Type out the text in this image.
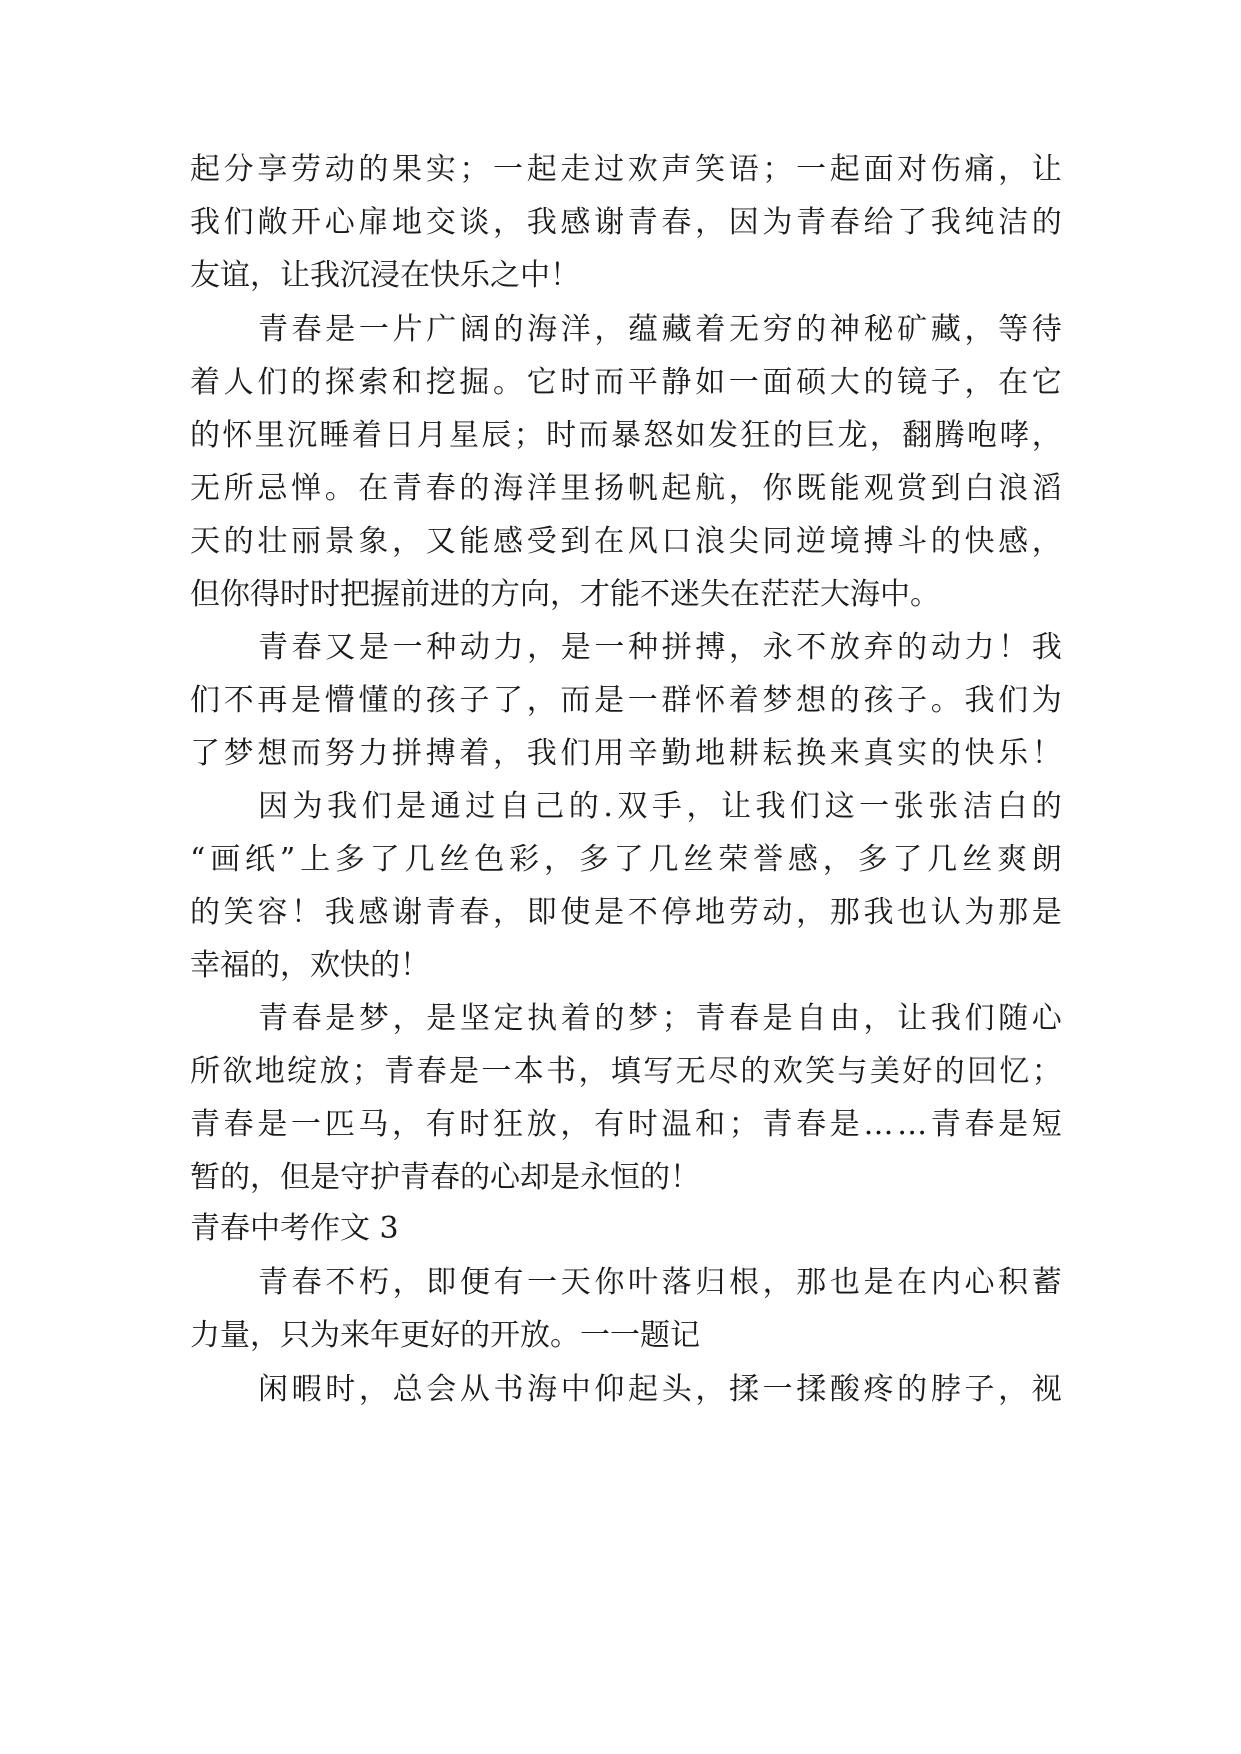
起 分 享 劳 动 的 果 实 ； 一 起 走 过 欢 声 笑 语 ； 一 起 面 对 伤 痛 ， 让
我 们 敞 开 心 扉 地 交 谈 ， 我 感 谢 青 春 ， 因 为 青 春 给 了 我 纯 洁 的
友谊，让我沉浸在快乐之中！
青 春 是 一 片 广 阔 的 海 洋 ， 蕴 藏 着 无 穷 的 神 秘 矿 藏 ， 等 待
着 人 们 的 探 索 和 挖 掘 。 它 时 而 平 静 如 一 面 硕 大 的 镜 子 ， 在 它
的 怀 里 沉 睡 着 日 月 星 辰 ； 时 而 暴 怒 如 发 狂 的 巨 龙 ， 翻 腾 咆 哮 ，
无 所 忌 惮 。 在 青 春 的 海 洋 里 扬 帆 起 航 ， 你 既 能 观 赏 到 白 浪 滔
天 的 壮 丽 景 象 ， 又 能 感 受 到 在 风 口 浪 尖 同 逆 境 搏 斗 的 快 感 ，
但你得时时把握前进的方向，才能不迷失在茫茫大海中。
青 春 又 是 一 种 动 力 ， 是 一 种 拼 搏 ， 永 不 放 弃 的 动 力 ！ 我
们 不 再 是 懵 懂 的 孩 子 了 ， 而 是 一 群 怀 着 梦 想 的 孩 子 。 我 们 为
了 梦 想 而 努 力 拼 搏 着 ， 我 们 用 辛 勤 地 耕 耘 换 来 真 实 的 快 乐 ！
因 为 我 们 是 通 过 自 己 的 . 双 手 ， 让 我 们 这 一 张 张 洁 白 的
“ 画 纸 ” 上 多 了 几 丝 色 彩 ， 多 了 几 丝 荣 誉 感 ， 多 了 几 丝 爽 朗
的 笑 容 ！ 我 感 谢 青 春 ， 即 使 是 不 停 地 劳 动 ， 那 我 也 认 为 那 是
幸福的，欢快的！
青 春 是 梦 ， 是 坚 定 执 着 的 梦 ； 青 春 是 自 由 ， 让 我 们 随 心
所 欲 地 绽 放 ； 青 春 是 一 本 书 ， 填 写 无 尽 的 欢 笑 与 美 好 的 回 忆 ；
青 春 是 一 匹 马 ， 有 时 狂 放 ， 有 时 温 和 ； 青 春 是 … … 青 春 是 短
暂的，但是守护青春的心却是永恒的！
青春中考作文 3
青 春 不 朽 ， 即 便 有 一 天 你 叶 落 归 根 ， 那 也 是 在 内 心 积 蓄
力量，只为来年更好的开放。一一题记
闲 暇 时 ， 总 会 从 书 海 中 仰 起 头 ， 揉 一 揉 酸 疼 的 脖 子 ， 视
